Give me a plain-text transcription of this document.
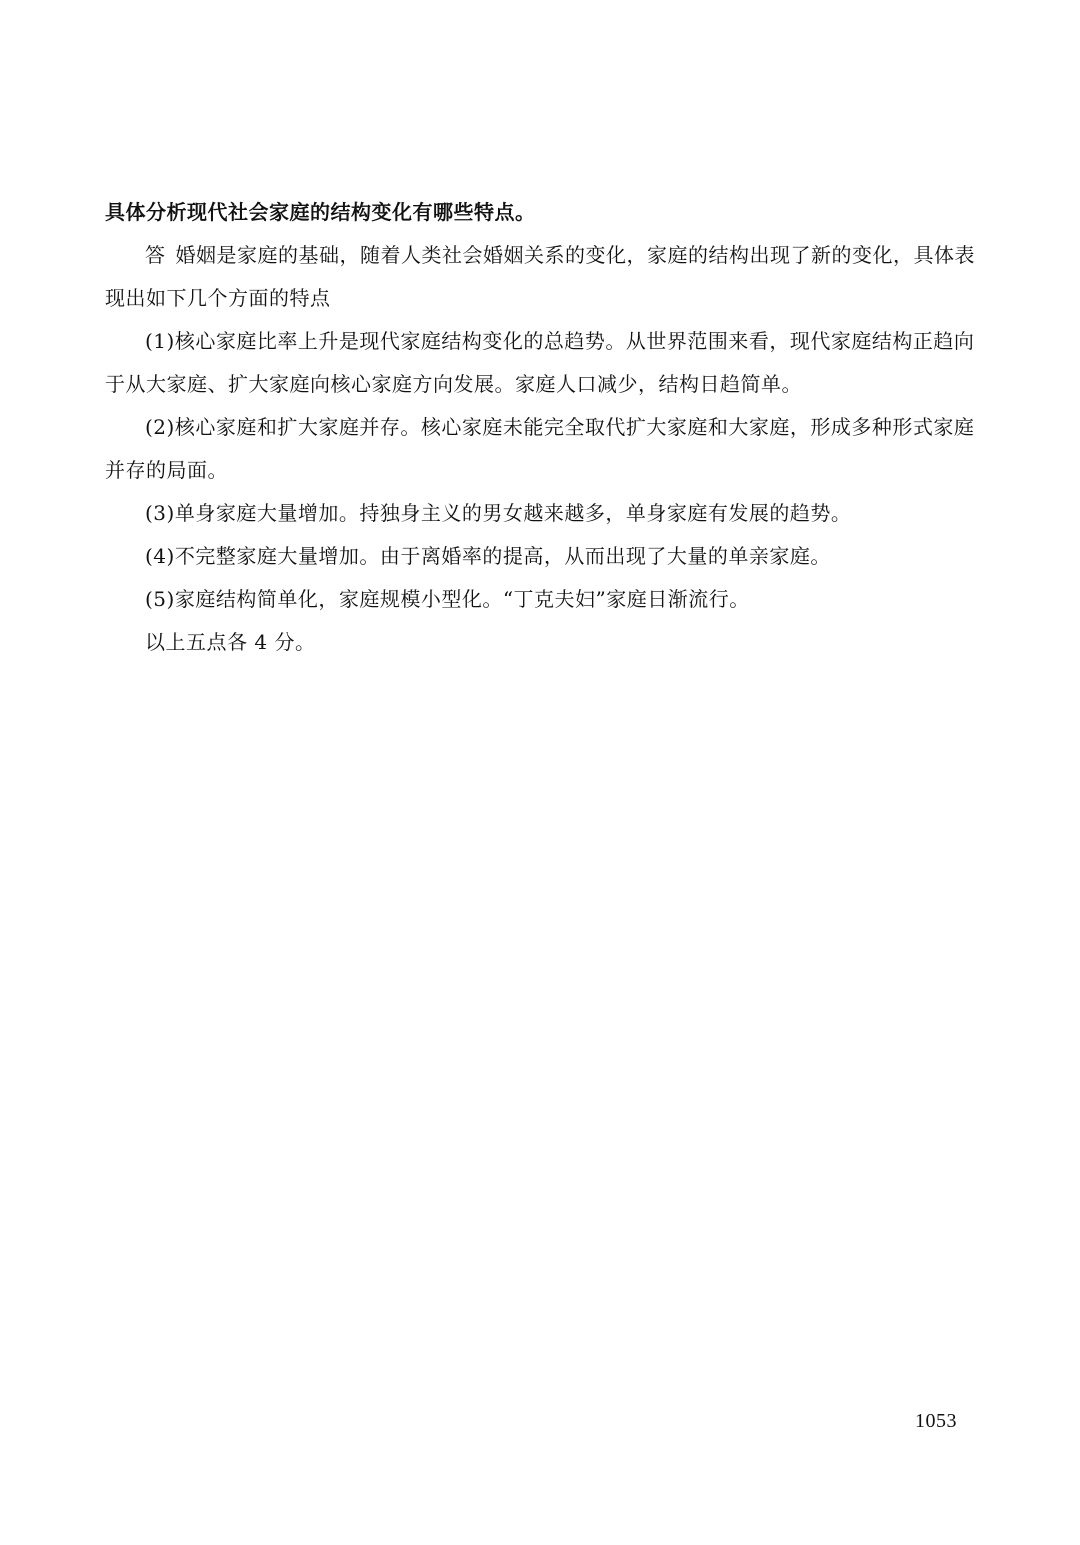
具体分析现代社会家庭的结构变化有哪些特点。

答 婚姻是家庭的基础，随着人类社会婚姻关系的变化，家庭的结构出现了新的变化，具体表现出如下几个方面的特点

(1)核心家庭比率上升是现代家庭结构变化的总趋势。从世界范围来看，现代家庭结构正趋向于从大家庭、扩大家庭向核心家庭方向发展。家庭人口减少，结构日趋简单。

(2)核心家庭和扩大家庭并存。核心家庭未能完全取代扩大家庭和大家庭，形成多种形式家庭并存的局面。

(3)单身家庭大量增加。持独身主义的男女越来越多，单身家庭有发展的趋势。

(4)不完整家庭大量增加。由于离婚率的提高，从而出现了大量的单亲家庭。

(5)家庭结构简单化，家庭规模小型化。“丁克夫妇”家庭日渐流行。

以上五点各 4 分。

1053
